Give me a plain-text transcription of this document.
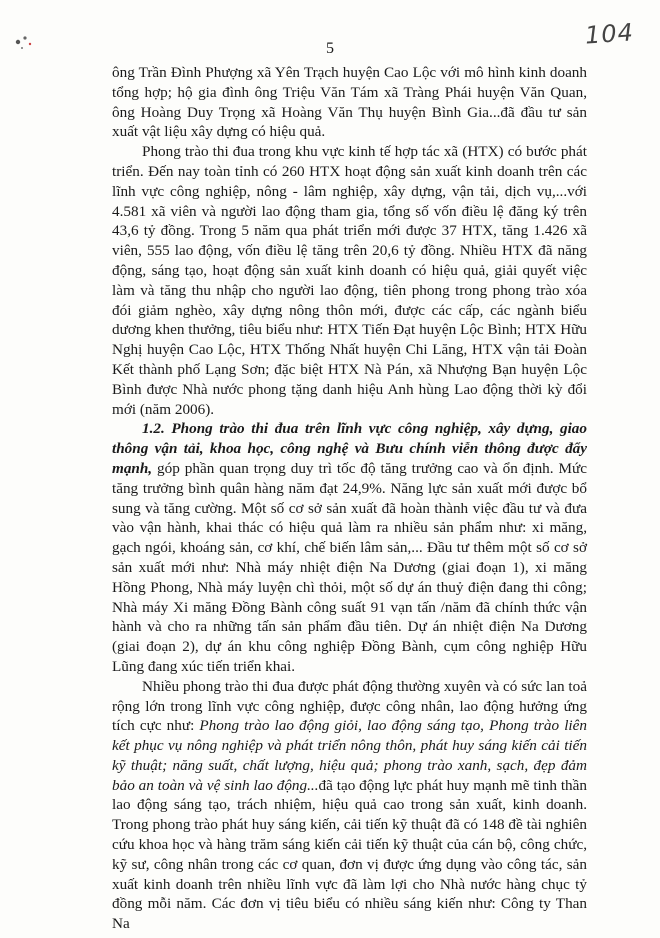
104
5

ông Trần Đình Phượng xã Yên Trạch huyện Cao Lộc với mô hình kinh doanh tổng hợp; hộ gia đình ông Triệu Văn Tám xã Tràng Phái huyện Văn Quan, ông Hoàng Duy Trọng xã Hoàng Văn Thụ huyện Bình Gia...đã đầu tư sản xuất vật liệu xây dựng có hiệu quả.

Phong trào thi đua trong khu vực kinh tế hợp tác xã (HTX) có bước phát triển. Đến nay toàn tỉnh có 260 HTX hoạt động sản xuất kinh doanh trên các lĩnh vực công nghiệp, nông - lâm nghiệp, xây dựng, vận tải, dịch vụ,...với 4.581 xã viên và người lao động tham gia, tổng số vốn điều lệ đăng ký trên 43,6 tỷ đồng. Trong 5 năm qua phát triển mới được 37 HTX, tăng 1.426 xã viên, 555 lao động, vốn điều lệ tăng trên 20,6 tỷ đồng. Nhiều HTX đã năng động, sáng tạo, hoạt động sản xuất kinh doanh có hiệu quả, giải quyết việc làm và tăng thu nhập cho người lao động, tiên phong trong phong trào xóa đói giảm nghèo, xây dựng nông thôn mới, được các cấp, các ngành biểu dương khen thưởng, tiêu biểu như: HTX Tiến Đạt huyện Lộc Bình; HTX Hữu Nghị huyện Cao Lộc, HTX Thống Nhất huyện Chi Lăng, HTX vận tải Đoàn Kết thành phố Lạng Sơn; đặc biệt HTX Nà Pán, xã Nhượng Bạn huyện Lộc Bình được Nhà nước phong tặng danh hiệu Anh hùng Lao động thời kỳ đổi mới (năm 2006).

1.2. Phong trào thi đua trên lĩnh vực công nghiệp, xây dựng, giao thông vận tải, khoa học, công nghệ và Bưu chính viễn thông được đẩy mạnh, góp phần quan trọng duy trì tốc độ tăng trưởng cao và ổn định. Mức tăng trưởng bình quân hàng năm đạt 24,9%. Năng lực sản xuất mới được bổ sung và tăng cường. Một số cơ sở sản xuất đã hoàn thành việc đầu tư và đưa vào vận hành, khai thác có hiệu quả làm ra nhiều sản phẩm như: xi măng, gạch ngói, khoáng sản, cơ khí, chế biến lâm sản,... Đầu tư thêm một số cơ sở sản xuất mới như: Nhà máy nhiệt điện Na Dương (giai đoạn 1), xi măng Hồng Phong, Nhà máy luyện chì thỏi, một số dự án thuỷ điện đang thi công; Nhà máy Xi măng Đồng Bành công suất 91 vạn tấn /năm đã chính thức vận hành và cho ra những tấn sản phẩm đầu tiên. Dự án nhiệt điện Na Dương (giai đoạn 2), dự án khu công nghiệp Đồng Bành, cụm công nghiệp Hữu Lũng đang xúc tiến triển khai.

Nhiều phong trào thi đua được phát động thường xuyên và có sức lan toả rộng lớn trong lĩnh vực công nghiệp, được công nhân, lao động hưởng ứng tích cực như: Phong trào lao động giỏi, lao động sáng tạo, Phong trào liên kết phục vụ nông nghiệp và phát triển nông thôn, phát huy sáng kiến cải tiến kỹ thuật; năng suất, chất lượng, hiệu quả; phong trào xanh, sạch, đẹp đảm bảo an toàn và vệ sinh lao động...đã tạo động lực phát huy mạnh mẽ tinh thần lao động sáng tạo, trách nhiệm, hiệu quả cao trong sản xuất, kinh doanh. Trong phong trào phát huy sáng kiến, cải tiến kỹ thuật đã có 148 đề tài nghiên cứu khoa học và hàng trăm sáng kiến cải tiến kỹ thuật của cán bộ, công chức, kỹ sư, công nhân trong các cơ quan, đơn vị được ứng dụng vào công tác, sản xuất kinh doanh trên nhiều lĩnh vực đã làm lợi cho Nhà nước hàng chục tỷ đồng mỗi năm. Các đơn vị tiêu biểu có nhiều sáng kiến như: Công ty Than Na
